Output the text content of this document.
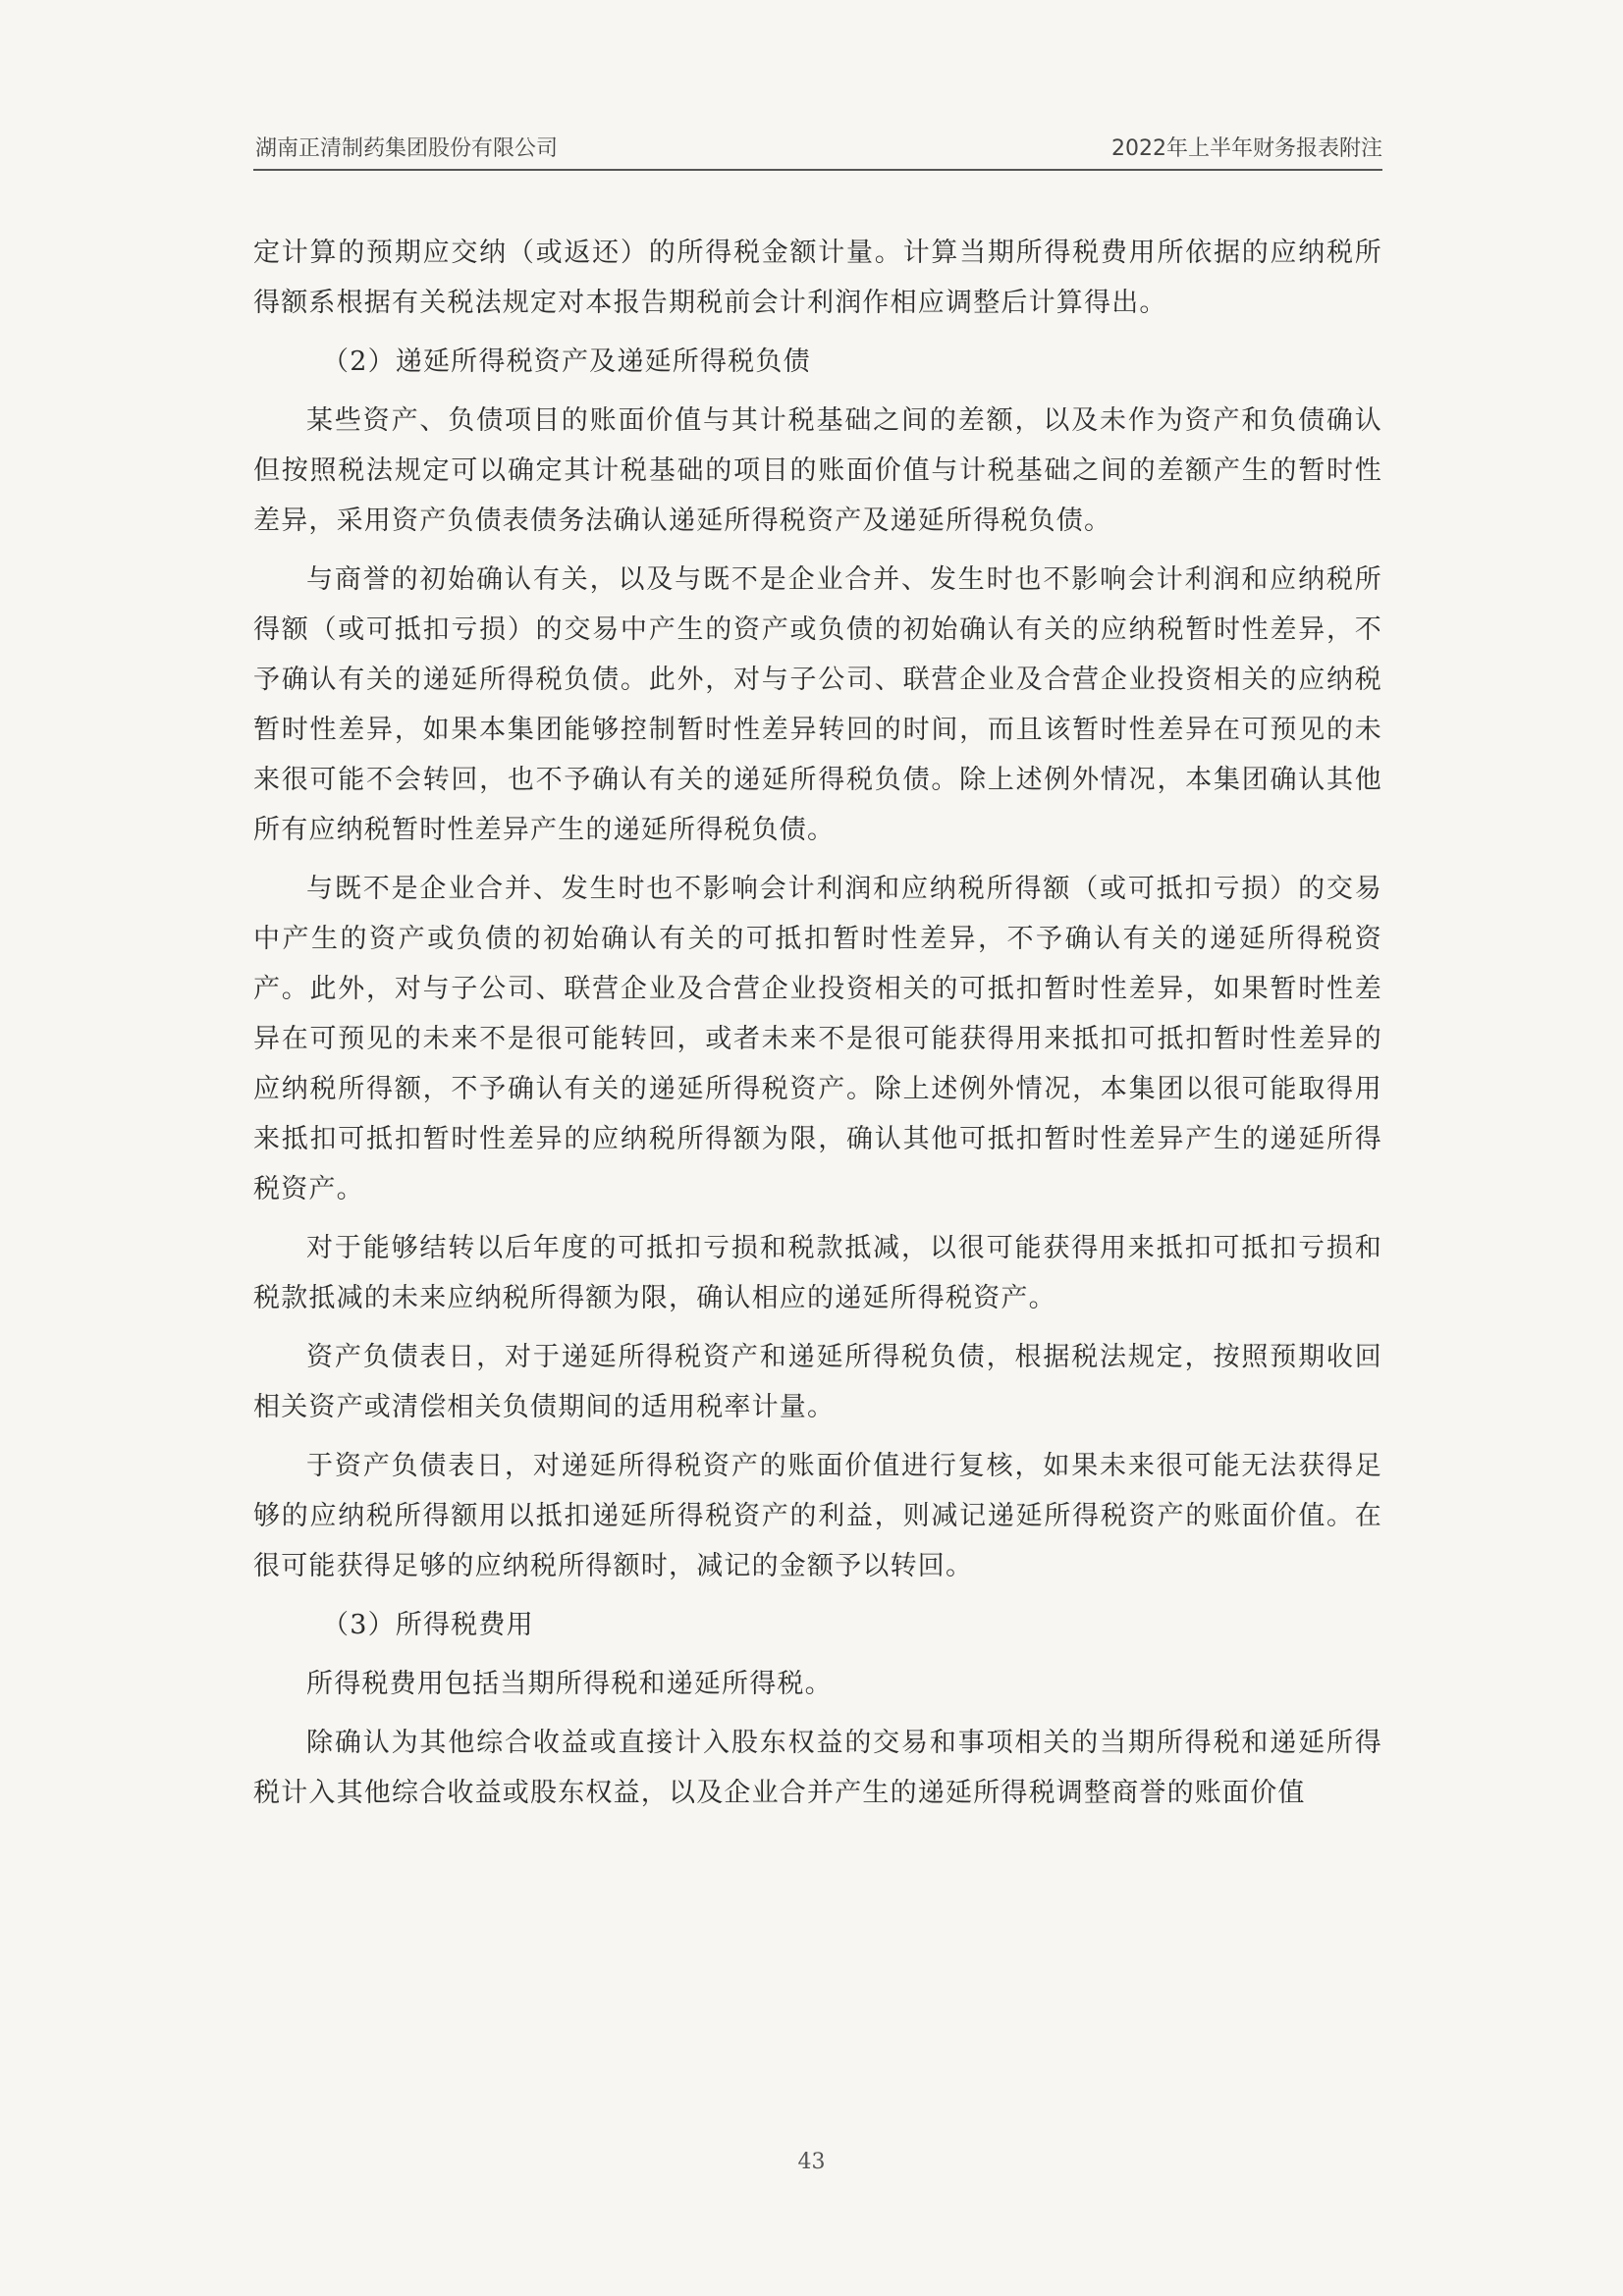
湖南正清制药集团股份有限公司	2022年上半年财务报表附注

定计算的预期应交纳（或返还）的所得税金额计量。计算当期所得税费用所依据的应纳税所得额系根据有关税法规定对本报告期税前会计利润作相应调整后计算得出。

（2）递延所得税资产及递延所得税负债

某些资产、负债项目的账面价值与其计税基础之间的差额，以及未作为资产和负债确认但按照税法规定可以确定其计税基础的项目的账面价值与计税基础之间的差额产生的暂时性差异，采用资产负债表债务法确认递延所得税资产及递延所得税负债。

与商誉的初始确认有关，以及与既不是企业合并、发生时也不影响会计利润和应纳税所得额（或可抵扣亏损）的交易中产生的资产或负债的初始确认有关的应纳税暂时性差异，不予确认有关的递延所得税负债。此外，对与子公司、联营企业及合营企业投资相关的应纳税暂时性差异，如果本集团能够控制暂时性差异转回的时间，而且该暂时性差异在可预见的未来很可能不会转回，也不予确认有关的递延所得税负债。除上述例外情况，本集团确认其他所有应纳税暂时性差异产生的递延所得税负债。

与既不是企业合并、发生时也不影响会计利润和应纳税所得额（或可抵扣亏损）的交易中产生的资产或负债的初始确认有关的可抵扣暂时性差异，不予确认有关的递延所得税资产。此外，对与子公司、联营企业及合营企业投资相关的可抵扣暂时性差异，如果暂时性差异在可预见的未来不是很可能转回，或者未来不是很可能获得用来抵扣可抵扣暂时性差异的应纳税所得额，不予确认有关的递延所得税资产。除上述例外情况，本集团以很可能取得用来抵扣可抵扣暂时性差异的应纳税所得额为限，确认其他可抵扣暂时性差异产生的递延所得税资产。

对于能够结转以后年度的可抵扣亏损和税款抵减，以很可能获得用来抵扣可抵扣亏损和税款抵减的未来应纳税所得额为限，确认相应的递延所得税资产。

资产负债表日，对于递延所得税资产和递延所得税负债，根据税法规定，按照预期收回相关资产或清偿相关负债期间的适用税率计量。

于资产负债表日，对递延所得税资产的账面价值进行复核，如果未来很可能无法获得足够的应纳税所得额用以抵扣递延所得税资产的利益，则减记递延所得税资产的账面价值。在很可能获得足够的应纳税所得额时，减记的金额予以转回。

（3）所得税费用

所得税费用包括当期所得税和递延所得税。

除确认为其他综合收益或直接计入股东权益的交易和事项相关的当期所得税和递延所得税计入其他综合收益或股东权益，以及企业合并产生的递延所得税调整商誉的账面价值

43
